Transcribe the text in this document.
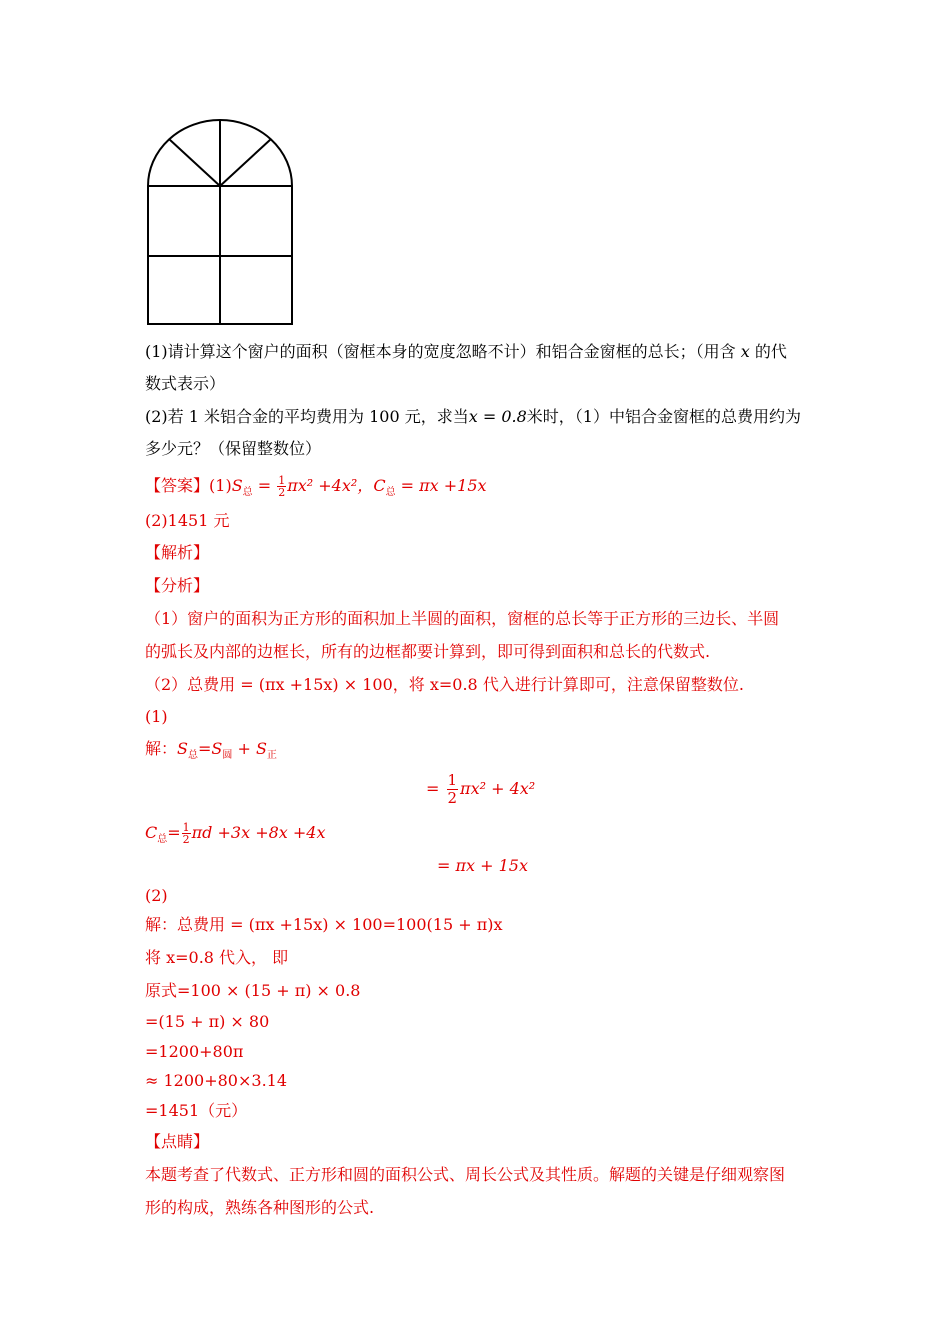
(1)请计算这个窗户的面积（窗框本身的宽度忽略不计）和铝合金窗框的总长；（用含 x 的代
数式表示）
(2)若 1 米铝合金的平均费用为 100 元，求当x = 0.8米时，（1）中铝合金窗框的总费用约为
多少元？（保留整数位）
【答案】$(1)S_总 = \frac{1}{2} \pi x^2 +4x^2$，$C_总 = \pi x +15x$
(2)1451 元
【解析】
【分析】
（1）窗户的面积为正方形的面积加上半圆的面积，窗框的总长等于正方形的三边长、半圆
的弧长及内部的边框长，所有的边框都要计算到，即可得到面积和总长的代数式.
（2）总费用 = (πx +15x) × 100，将 x=0.8 代入进行计算即可，注意保留整数位.
(1)
解：$S_总=S_圆 + S_正$
= $\frac{1}{2} \pi x^2 + 4x^2$
$C_总= \frac{1}{2}$ πd +3x +8x +4x
= πx + 15x
(2)
解：总费用 = (πx +15x) × 100=100(15 + π)x
将 x=0.8 代入， 即
原式=100 × (15 + π) × 0.8
=(15 + π) × 80
=1200+80π
≈ 1200+80×3.14
=1451（元）
【点睛】
本题考查了代数式、正方形和圆的面积公式、周长公式及其性质。解题的关键是仔细观察图
形的构成，熟练各种图形的公式.
